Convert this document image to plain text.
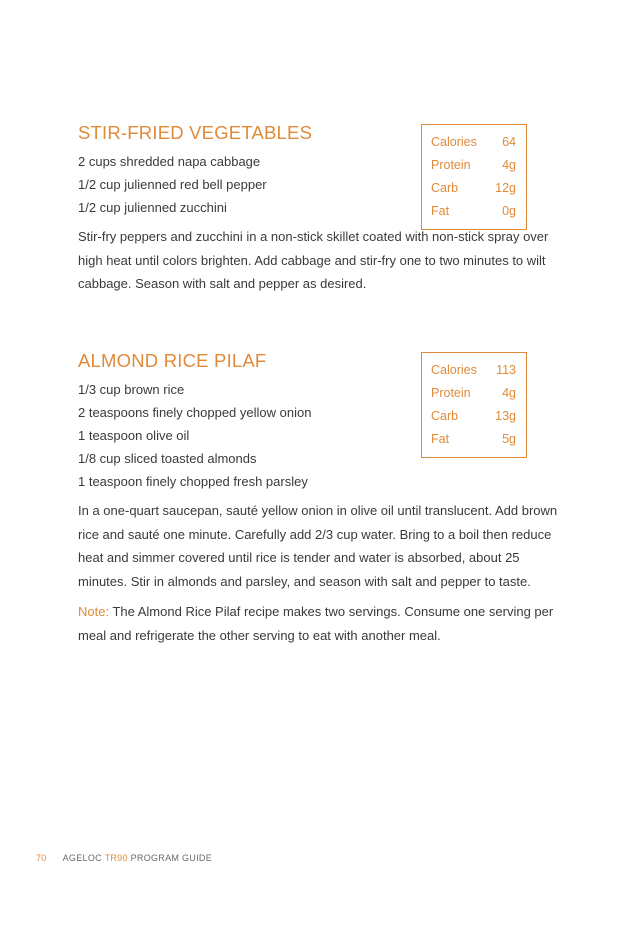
STIR-FRIED VEGETABLES
2 cups shredded napa cabbage
1/2 cup julienned red bell pepper
1/2 cup julienned zucchini

Stir-fry peppers and zucchini in a non-stick skillet coated with non-stick spray over high heat until colors brighten. Add cabbage and stir-fry one to two minutes to wilt cabbage. Season with salt and pepper as desired.

Calories 64
Protein	4g
Carb	12g
Fat	0g
ALMOND RICE PILAF
1/3 cup brown rice
2 teaspoons finely chopped yellow onion
1 teaspoon olive oil
1/8 cup sliced toasted almonds
1 teaspoon finely chopped fresh parsley

In a one-quart saucepan, sauté yellow onion in olive oil until translucent. Add brown rice and sauté one minute. Carefully add 2/3 cup water. Bring to a boil then reduce heat and simmer covered until rice is tender and water is absorbed, about 25 minutes. Stir in almonds and parsley, and season with salt and pepper to taste.

Note: The Almond Rice Pilaf recipe makes two servings. Consume one serving per meal and refrigerate the other serving to eat with another meal.

Calories 113
Protein	4g
Carb	13g
Fat	5g
70 AGELOC TR90 PROGRAM GUIDE
